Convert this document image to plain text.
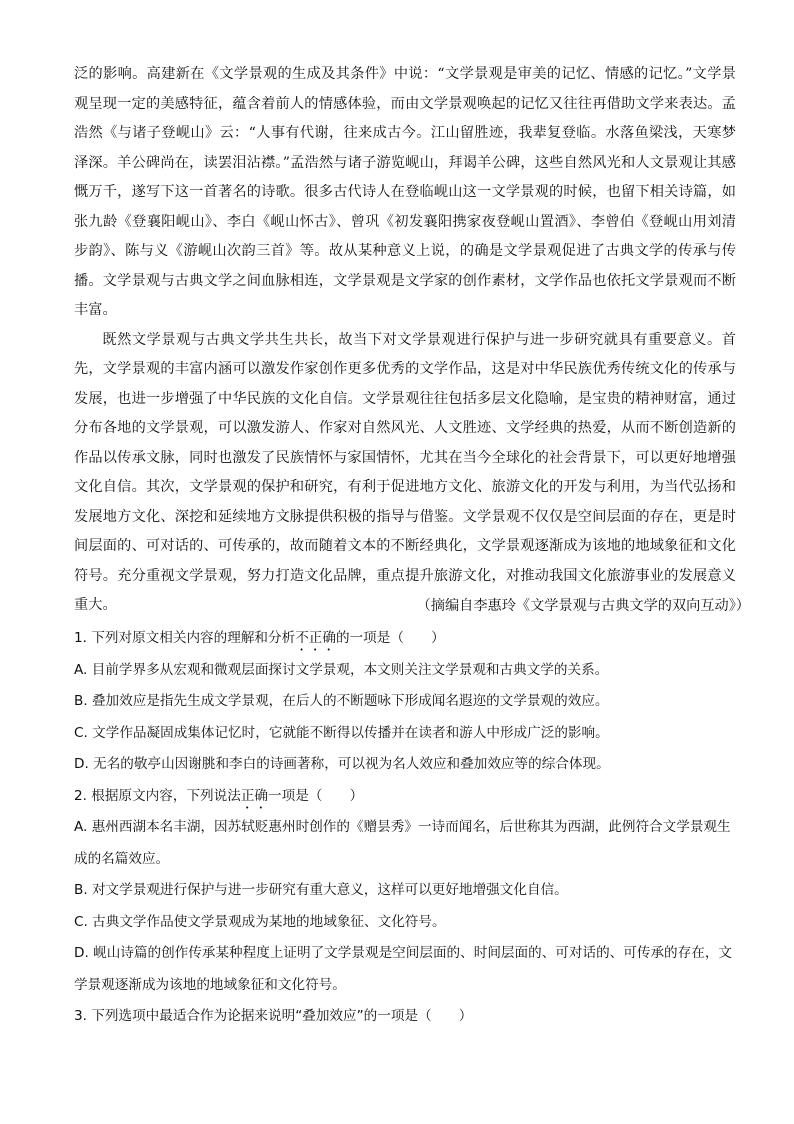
泛的影响。高建新在《文学景观的生成及其条件》中说：“文学景观是审美的记忆、情感的记忆。”文学景观呈现一定的美感特征，蕴含着前人的情感体验，而由文学景观唤起的记忆又往往再借助文学来表达。孟浩然《与诸子登岘山》云：“人事有代谢，往来成古今。江山留胜迹，我辈复登临。水落鱼梁浅，天寒梦泽深。羊公碑尚在，读罢泪沾襟。”孟浩然与诸子游览岘山，拜谒羊公碑，这些自然风光和人文景观让其感慨万千，遂写下这一首著名的诗歌。很多古代诗人在登临岘山这一文学景观的时候，也留下相关诗篇，如张九龄《登襄阳岘山》、李白《岘山怀古》、曾巩《初发襄阳携家夜登岘山置酒》、李曾伯《登岘山用刘清步韵》、陈与义《游岘山次韵三首》等。故从某种意义上说，的确是文学景观促进了古典文学的传承与传播。文学景观与古典文学之间血脉相连，文学景观是文学家的创作素材，文学作品也依托文学景观而不断丰富。

既然文学景观与古典文学共生共长，故当下对文学景观进行保护与进一步研究就具有重要意义。首先，文学景观的丰富内涵可以激发作家创作更多优秀的文学作品，这是对中华民族优秀传统文化的传承与发展，也进一步增强了中华民族的文化自信。文学景观往往包括多层文化隐喻，是宝贵的精神财富，通过分布各地的文学景观，可以激发游人、作家对自然风光、人文胜迹、文学经典的热爱，从而不断创造新的作品以传承文脉，同时也激发了民族情怀与家国情怀，尤其在当今全球化的社会背景下，可以更好地增强文化自信。其次，文学景观的保护和研究，有利于促进地方文化、旅游文化的开发与利用，为当代弘扬和发展地方文化、深挖和延续地方文脉提供积极的指导与借鉴。文学景观不仅仅是空间层面的存在，更是时间层面的、可对话的、可传承的，故而随着文本的不断经典化，文学景观逐渐成为该地的地域象征和文化符号。充分重视文学景观，努力打造文化品牌，重点提升旅游文化，对推动我国文化旅游事业的发展意义重大。	（摘编自李惠玲《文学景观与古典文学的双向互动》）

1. 下列对原文相关内容的理解和分析不正确的一项是（　　）

A. 目前学界多从宏观和微观层面探讨文学景观，本文则关注文学景观和古典文学的关系。

B. 叠加效应是指先生成文学景观，在后人的不断题咏下形成闻名遐迩的文学景观的效应。

C. 文学作品凝固成集体记忆时，它就能不断得以传播并在读者和游人中形成广泛的影响。

D. 无名的敬亭山因谢朓和李白的诗画著称，可以视为名人效应和叠加效应等的综合体现。

2. 根据原文内容，下列说法正确一项是（　　）

A. 惠州西湖本名丰湖，因苏轼贬惠州时创作的《赠昙秀》一诗而闻名，后世称其为西湖，此例符合文学景观生成的名篇效应。

B. 对文学景观进行保护与进一步研究有重大意义，这样可以更好地增强文化自信。

C. 古典文学作品使文学景观成为某地的地域象征、文化符号。

D. 岘山诗篇的创作传承某种程度上证明了文学景观是空间层面的、时间层面的、可对话的、可传承的存在，文学景观逐渐成为该地的地域象征和文化符号。

3. 下列选项中最适合作为论据来说明“叠加效应”的一项是（　　）
